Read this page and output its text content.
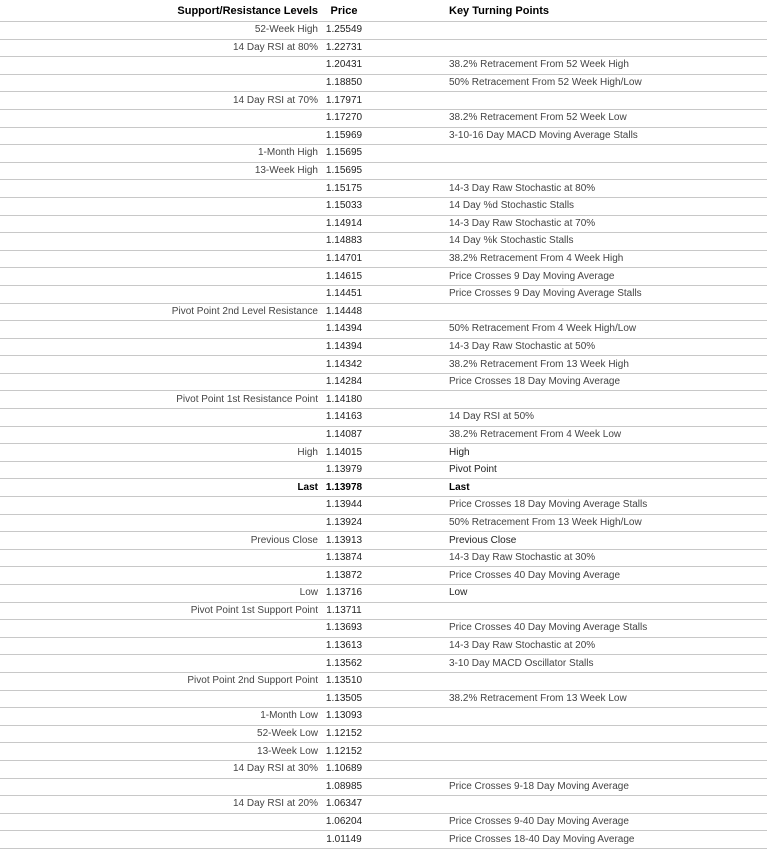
Support/Resistance Levels	Price	Key Turning Points
52-Week High	1.25549	
14 Day RSI at 80%	1.22731	
	1.20431	38.2% Retracement From 52 Week High
	1.18850	50% Retracement From 52 Week High/Low
14 Day RSI at 70%	1.17971	
	1.17270	38.2% Retracement From 52 Week Low
	1.15969	3-10-16 Day MACD Moving Average Stalls
1-Month High	1.15695	
13-Week High	1.15695	
	1.15175	14-3 Day Raw Stochastic at 80%
	1.15033	14 Day %d Stochastic Stalls
	1.14914	14-3 Day Raw Stochastic at 70%
	1.14883	14 Day %k Stochastic Stalls
	1.14701	38.2% Retracement From 4 Week High
	1.14615	Price Crosses 9 Day Moving Average
	1.14451	Price Crosses 9 Day Moving Average Stalls
Pivot Point 2nd Level Resistance	1.14448	
	1.14394	50% Retracement From 4 Week High/Low
	1.14394	14-3 Day Raw Stochastic at 50%
	1.14342	38.2% Retracement From 13 Week High
	1.14284	Price Crosses 18 Day Moving Average
Pivot Point 1st Resistance Point	1.14180	
	1.14163	14 Day RSI at 50%
	1.14087	38.2% Retracement From 4 Week Low
High	1.14015	High
	1.13979	Pivot Point
Last	1.13978	Last
	1.13944	Price Crosses 18 Day Moving Average Stalls
	1.13924	50% Retracement From 13 Week High/Low
Previous Close	1.13913	Previous Close
	1.13874	14-3 Day Raw Stochastic at 30%
	1.13872	Price Crosses 40 Day Moving Average
Low	1.13716	Low
Pivot Point 1st Support Point	1.13711	
	1.13693	Price Crosses 40 Day Moving Average Stalls
	1.13613	14-3 Day Raw Stochastic at 20%
	1.13562	3-10 Day MACD Oscillator Stalls
Pivot Point 2nd Support Point	1.13510	
	1.13505	38.2% Retracement From 13 Week Low
1-Month Low	1.13093	
52-Week Low	1.12152	
13-Week Low	1.12152	
14 Day RSI at 30%	1.10689	
	1.08985	Price Crosses 9-18 Day Moving Average
14 Day RSI at 20%	1.06347	
	1.06204	Price Crosses 9-40 Day Moving Average
	1.01149	Price Crosses 18-40 Day Moving Average
